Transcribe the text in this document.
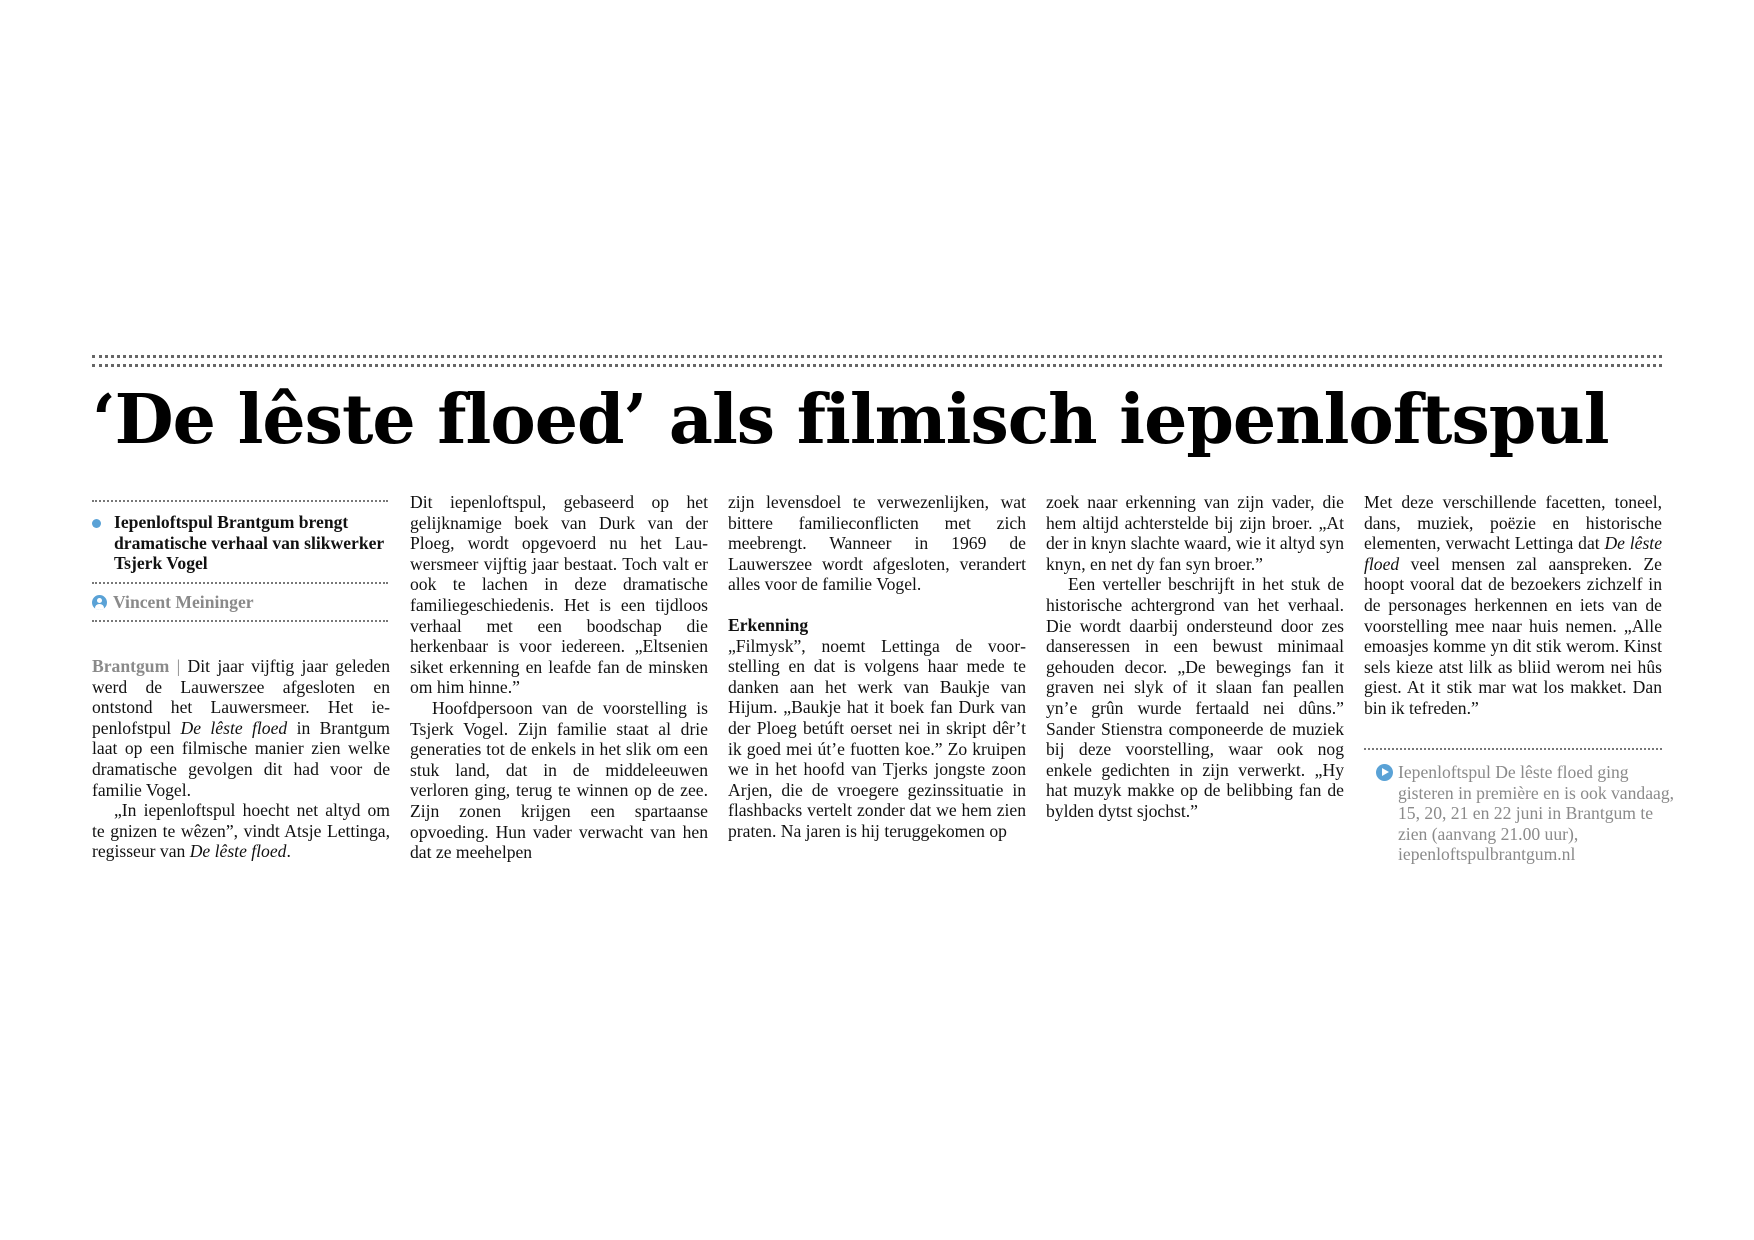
‘De lêste floed’ als filmisch iepenloftspul
Iepenloftspul Brantgum brengt dramatische verhaal van slikwerker Tsjerk Vogel
Vincent Meininger

Brantgum | Dit jaar vijftig jaar geleden werd de Lauwerszee afgesloten en ontstond het Lauwersmeer. Het iepenlofstpul De lêste floed in Brantgum laat op een filmische manier zien welke dramatische gevolgen dit had voor de familie Vogel.

„In iepenloftspul hoecht net altyd om te gnizen te wêzen”, vindt Atsje Lettinga, regisseur van De lêste floed.

Dit iepenloftspul, gebaseerd op het gelijknamige boek van Durk van der Ploeg, wordt opgevoerd nu het Lauwersmeer vijftig jaar bestaat. Toch valt er ook te lachen in deze dramatische familiegeschiedenis. Het is een tijdloos verhaal met een boodschap die herkenbaar is voor iedereen. „Eltsenien siket erkenning en leafde fan de minsken om him hinne.”

Hoofdpersoon van de voorstelling is Tsjerk Vogel. Zijn familie staat al drie generaties tot de enkels in het slik om een stuk land, dat in de middeleeuwen verloren ging, terug te winnen op de zee. Zijn zonen krijgen een spartaanse opvoeding. Hun vader verwacht van hen dat ze meehelpen

zijn levensdoel te verwezenlijken, wat bittere familieconflicten met zich meebrengt. Wanneer in 1969 de Lauwerszee wordt afgesloten, verandert alles voor de familie Vogel.

Erkenning

„Filmysk”, noemt Lettinga de voorstelling en dat is volgens haar mede te danken aan het werk van Baukje van Hijum. „Baukje hat it boek fan Durk van der Ploeg betúft oerset nei in skript dêr’t ik goed mei út’e fuotten koe.” Zo kruipen we in het hoofd van Tjerks jongste zoon Arjen, die de vroegere gezinssituatie in flashbacks vertelt zonder dat we hem zien praten. Na jaren is hij teruggekomen op

zoek naar erkenning van zijn vader, die hem altijd achterstelde bij zijn broer. „At der in knyn slachte waard, wie it altyd syn knyn, en net dy fan syn broer.”

Een verteller beschrijft in het stuk de historische achtergrond van het verhaal. Die wordt daarbij ondersteund door zes danseressen in een bewust minimaal gehouden decor. „De bewegings fan it graven nei slyk of it slaan fan peallen yn’e grûn wurde fertaald nei dûns.” Sander Stienstra componeerde de muziek bij deze voorstelling, waar ook nog enkele gedichten in zijn verwerkt. „Hy hat muzyk makke op de belibbing fan de bylden dytst sjochst.”

Met deze verschillende facetten, toneel, dans, muziek, poëzie en historische elementen, verwacht Lettinga dat De lêste floed veel mensen zal aanspreken. Ze hoopt vooral dat de bezoekers zichzelf in de personages herkennen en iets van de voorstelling mee naar huis nemen. „Alle emoasjes komme yn dit stik werom. Kinst sels kieze atst lilk as bliid werom nei hûs giest. At it stik mar wat los makket. Dan bin ik tefreden.”

Iepenloftspul De lêste floed ging gisteren in première en is ook vandaag, 15, 20, 21 en 22 juni in Brantgum te zien (aanvang 21.00 uur), iepenloftspulbrantgum.nl
